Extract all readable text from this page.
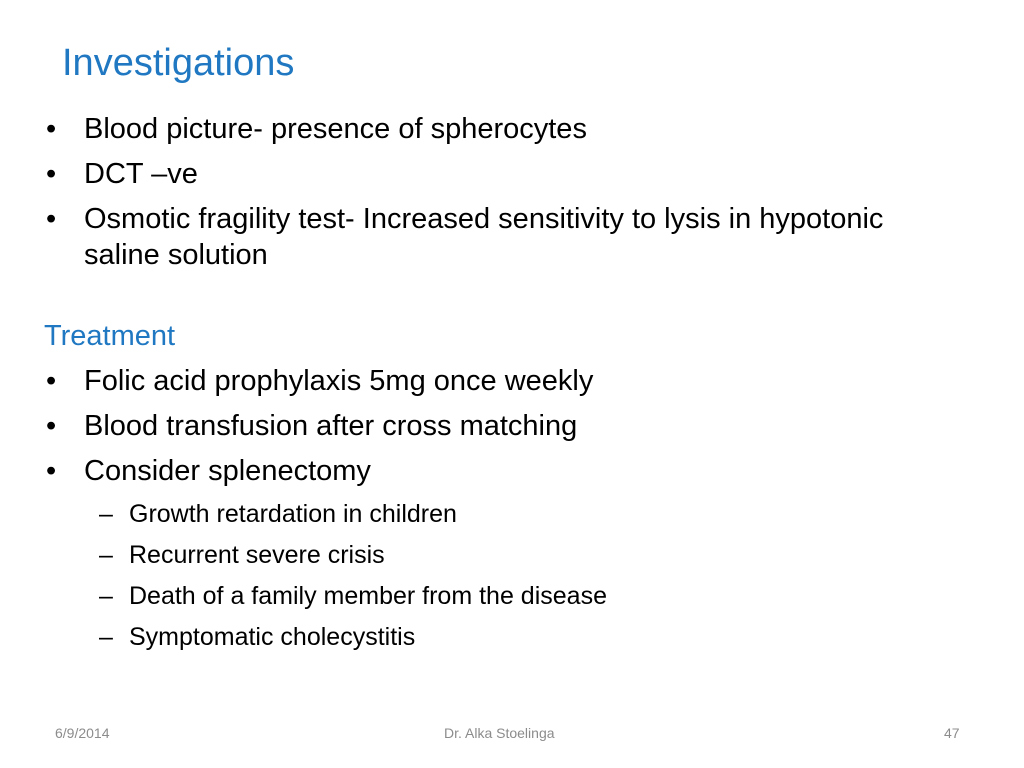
Investigations
• Blood picture- presence of spherocytes
• DCT –ve
• Osmotic fragility test- Increased sensitivity to lysis in hypotonic saline solution
Treatment
• Folic acid prophylaxis 5mg once weekly
• Blood transfusion after cross matching
• Consider splenectomy
– Growth retardation in children
– Recurrent severe crisis
– Death of a family member from the disease
– Symptomatic cholecystitis
6/9/2014	Dr. Alka Stoelinga	47
